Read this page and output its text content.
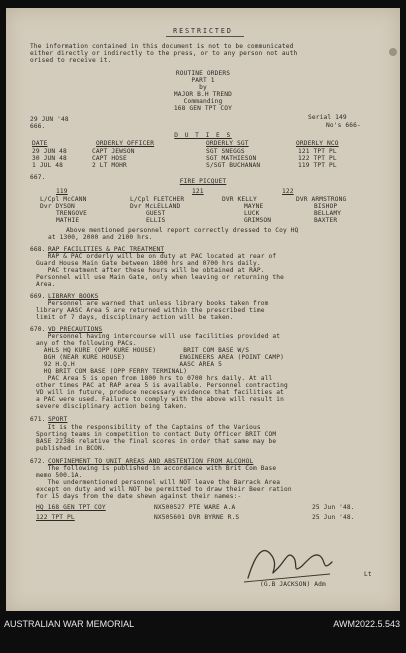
RESTRICTED
The information contained in this document is not to be communicated
either directly or indirectly to the press, or to any person not auth
orised to receive it.
ROUTINE ORDERS
PART 1
by
MAJOR B.H TREND
Commanding
168 GEN TPT COY
29 JUN '48	Serial 149
666.	No's 666-
D U T I E S
DATE	ORDERLY OFFICER	ORDERLY SGT	ORDERLY NCO
29 JUN 48	CAPT JEWSON	SGT SNEGGS	121 TPT PL
30 JUN 48	CAPT HOSE	SGT MATHIESON	122 TPT PL
1 JUL 48	2 LT MOHR	S/SGT BUCHANAN	119 TPT PL
667.
FIRE PICQUET
119	121	122
L/Cpl McCANN	L/Cpl FLETCHER	DVR KELLY	DVR ARMSTRONG
Dvr DYSON	Dvr McLELLAND	MAYNE	BISHOP
TRENGOVE	GUEST	LUCK	BELLAMY
MATHIE	ELLIS	GRIMSON	BAXTER
Above mentioned personnel report correctly dressed to Coy HQ
at 1300, 2000 and 2100 hrs.
668. RAP FACILITIES & PAC TREATMENT
RAP & PAC orderly will be on duty at PAC located at rear of
Guard House Main Gate between 1800 hrs and 0700 hrs daily.
PAC treatment after these hours will be obtained at RAP.
Personnel will use Main Gate, only when leaving or returning the
Area.
669. LIBRARY BOOKS
Personnel are warned that unless library books taken from
library AASC Area 5 are returned within the prescribed time
limit of 7 days, disciplinary action will be taken.
670. VD PRECAUTIONS
Personnel having intercourse will use facilities provided at
any of the following PACs.
AHLS HQ KURE (OPP KURE HOUSE)       BRIT COM BASE W/S
BGH (NEAR KURE HOUSE)              ENGINEERS AREA (POINT CAMP)
92 H.Q.H                           AASC AREA 5
HQ BRIT COM BASE (OPP FERRY TERMINAL)
PAC Area 5 is open from 1800 hrs to 0700 hrs daily. At all
other times PAC at RAP area 5 is available. Personnel contracting
VD will in future, produce necessary evidence that facilities at
a PAC were used. Failure to comply with the above will result in
severe disciplinary action being taken.
671. SPORT
It is the responsibility of the Captains of the Various
Sporting teams in competition to contact Duty Officer BRIT COM
BASE 22386 relative the final scores in order that same may be
published in BCON.
672. CONFINEMENT TO UNIT AREAS AND ABSTENTION FROM ALCOHOL
The following is published in accordance with Brit Com Base
memo 500.1A.
The undermentioned personnel will NOT leave the Barrack Area
except on duty and will NOT be permitted to draw their Beer ration
for 15 days from the date shewn against their names:-
HQ 168 GEN TPT COY	NX500527 PTE WARE A.A	25 Jun '48.
122 TPT PL	NX505601 DVR BYRNE R.S	25 Jun '48.
Lt
(G.B JACKSON) Adm
AUSTRALIAN WAR MEMORIAL	AWM2022.5.543
